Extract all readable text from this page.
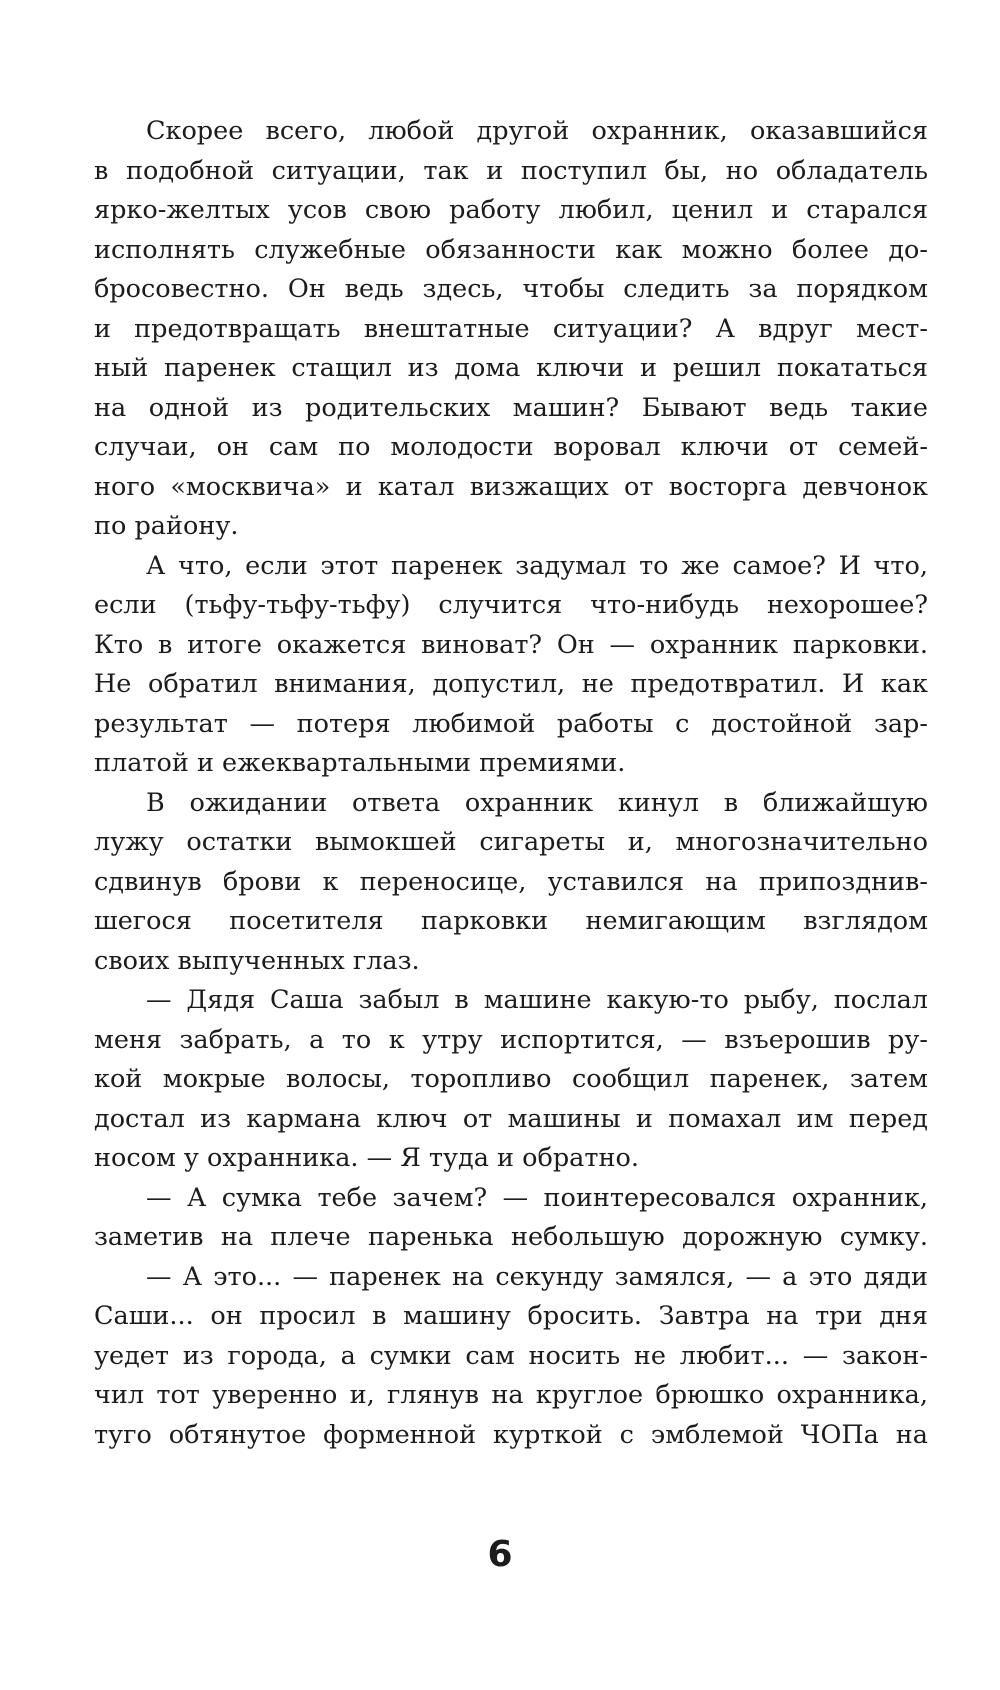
Скорее всего, любой другой охранник, оказавшийся
в подобной ситуации, так и поступил бы, но обладатель
ярко-желтых усов свою работу любил, ценил и старался
исполнять служебные обязанности как можно более до-
бросовестно. Он ведь здесь, чтобы следить за порядком
и предотвращать внештатные ситуации? А вдруг мест-
ный паренек стащил из дома ключи и решил покататься
на одной из родительских машин? Бывают ведь такие
случаи, он сам по молодости воровал ключи от семей-
ного «москвича» и катал визжащих от восторга девчонок
по району.
А что, если этот паренек задумал то же самое? И что,
если (тьфу-тьфу-тьфу) случится что-нибудь нехорошее?
Кто в итоге окажется виноват? Он — охранник парковки.
Не обратил внимания, допустил, не предотвратил. И как
результат — потеря любимой работы с достойной зар-
платой и ежеквартальными премиями.
В ожидании ответа охранник кинул в ближайшую
лужу остатки вымокшей сигареты и, многозначительно
сдвинув брови к переносице, уставился на припозднив-
шегося посетителя парковки немигающим взглядом
своих выпученных глаз.
— Дядя Саша забыл в машине какую-то рыбу, послал
меня забрать, а то к утру испортится, — взъерошив ру-
кой мокрые волосы, торопливо сообщил паренек, затем
достал из кармана ключ от машины и помахал им перед
носом у охранника. — Я туда и обратно.
— А сумка тебе зачем? — поинтересовался охранник,
заметив на плече паренька небольшую дорожную сумку.
— А это... — паренек на секунду замялся, — а это дяди
Саши... он просил в машину бросить. Завтра на три дня
уедет из города, а сумки сам носить не любит... — закон-
чил тот уверенно и, глянув на круглое брюшко охранника,
туго обтянутое форменной курткой с эмблемой ЧОПа на
6
